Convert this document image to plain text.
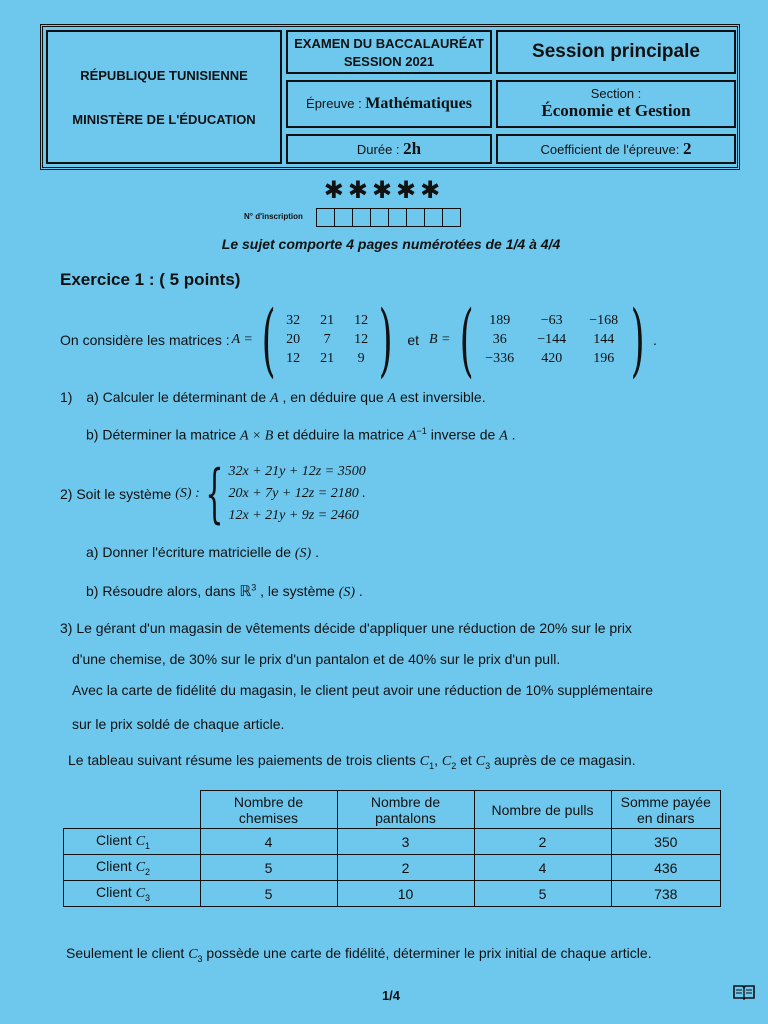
RÉPUBLIQUE TUNISIENNE
MINISTÈRE DE L'ÉDUCATION
EXAMEN DU BACCALAURÉAT
SESSION 2021	Session principale
Épreuve : Mathématiques
Section :
Économie et Gestion
Durée : 2h	Coefficient de l'épreuve: 2
✱✱✱✱✱
N° d'inscription
Le sujet comporte 4 pages numérotées de 1/4 à 4/4
Exercice 1 : ( 5 points)
On considère les matrices : A = ( 32 21 12
20	7	12
12 21	9 ) et B = (	189	−63	−168
36	−144	144
−336	420	196 ) .
1) a) Calculer le déterminant de A , en déduire que A est inversible.
b) Déterminer la matrice A × B et déduire la matrice $A^{-1}$ inverse de A .
2) Soit le système (S) : { 32x + 21y + 12z = 3500
20x + 7y + 12z = 2180 .
12x + 21y + 9z = 2460
a) Donner l'écriture matricielle de (S) .
b) Résoudre alors, dans ℝ$^3$ , le système (S) .
3) Le gérant d'un magasin de vêtements décide d'appliquer une réduction de 20% sur le prix
d'une chemise, de 30% sur le prix d'un pantalon et de 40% sur le prix d'un pull.
Avec la carte de fidélité du magasin, le client peut avoir une réduction de 10% supplémentaire
sur le prix soldé de chaque article.
Le tableau suivant résume les paiements de trois clients $C_1$, $C_2$ et $C_3$ auprès de ce magasin.
	Nombre de chemises	Nombre de pantalons	Nombre de pulls	Somme payée en dinars
Client $C_1$	4	3	2	350
Client $C_2$	5	2	4	436
Client $C_3$	5	10	5	738
Seulement le client $C_3$ possède une carte de fidélité, déterminer le prix initial de chaque article.
1/4
